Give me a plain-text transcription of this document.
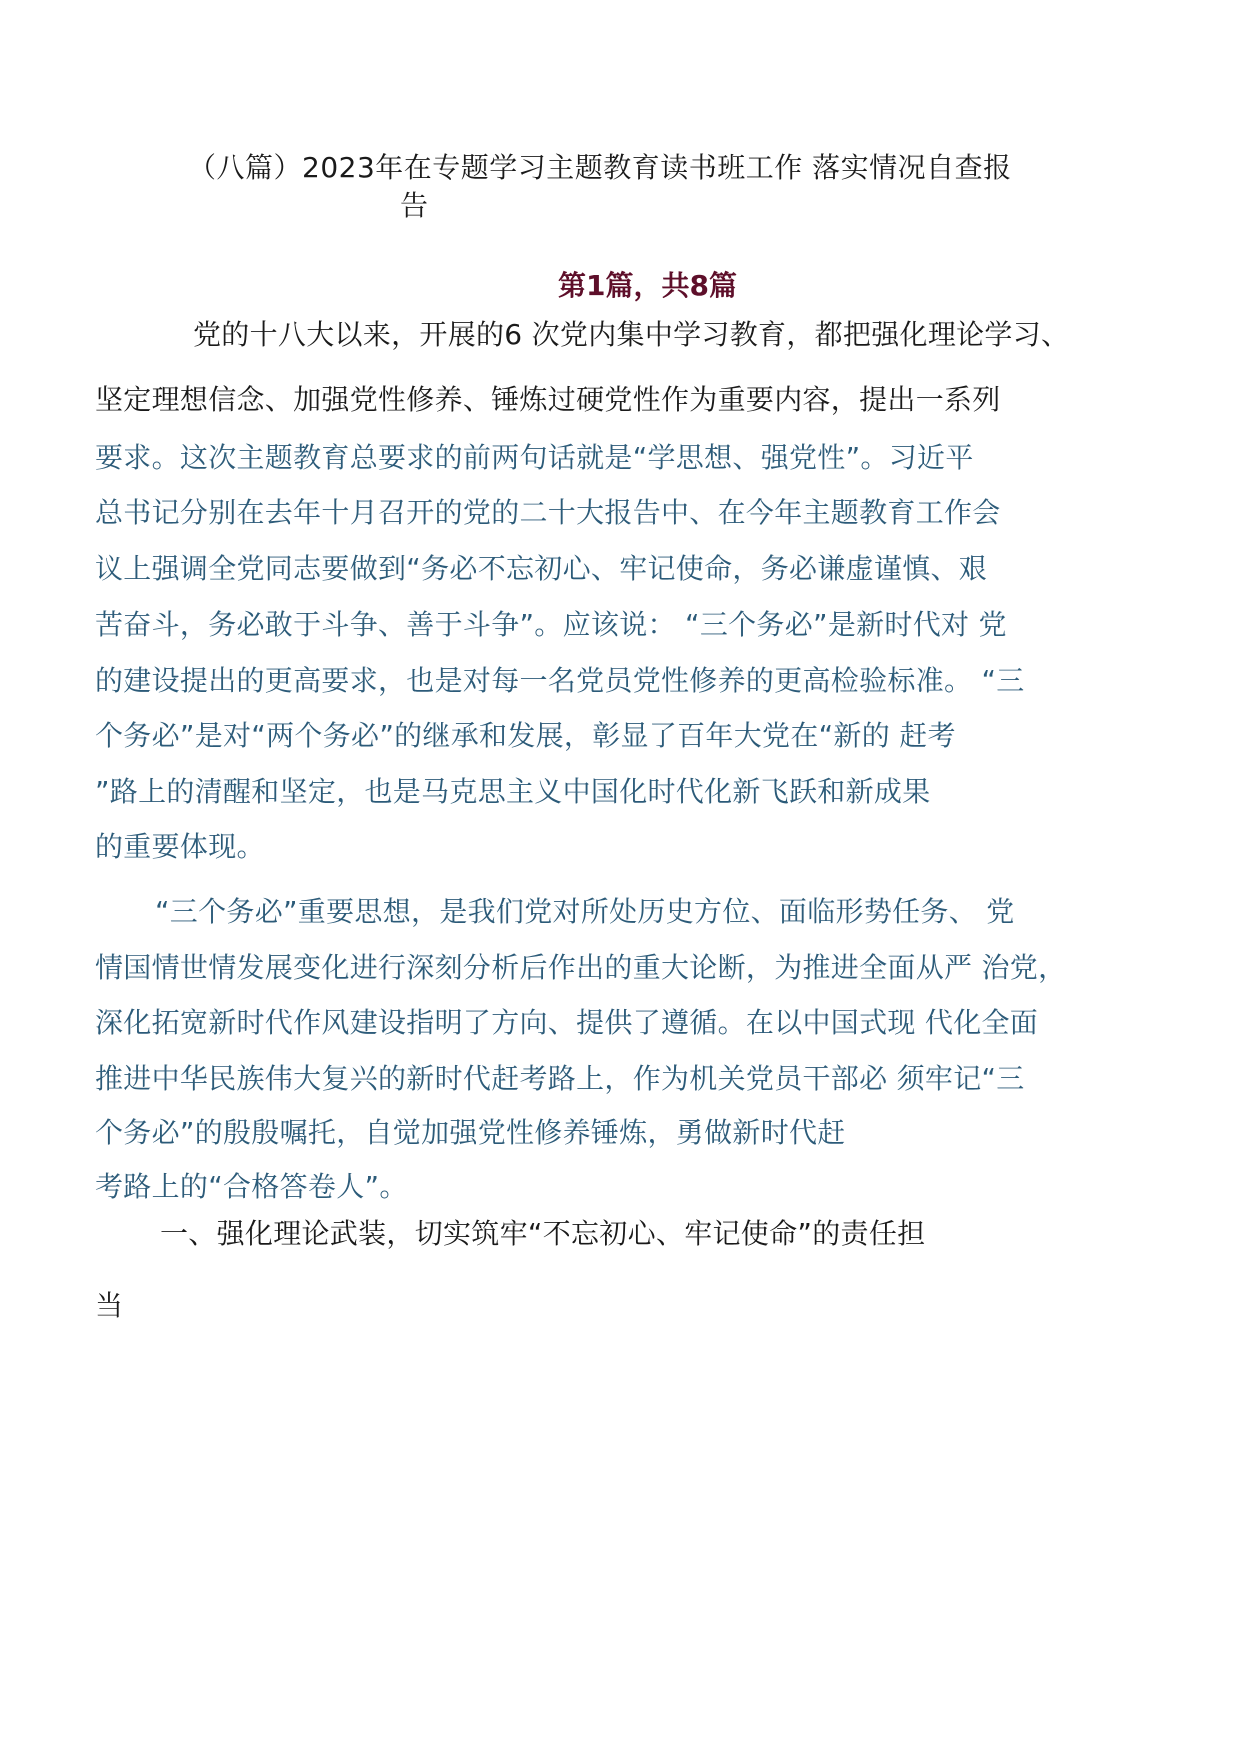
（八篇）2023年在专题学习主题教育读书班工作 落实情况自查报
告
第1篇，共8篇
党的十八大以来，开展的6 次党内集中学习教育，都把强化理论学习、
坚定理想信念、加强党性修养、锤炼过硬党性作为重要内容，提出一系列
要求。这次主题教育总要求的前两句话就是“学思想、强党性”。习近平
总书记分别在去年十月召开的党的二十大报告中、在今年主题教育工作会
议上强调全党同志要做到“务必不忘初心、牢记使命，务必谦虚谨慎、艰
苦奋斗，务必敢于斗争、善于斗争”。应该说： “三个务必”是新时代对 党
的建设提出的更高要求，也是对每一名党员党性修养的更高检验标准。 “三
个务必”是对“两个务必”的继承和发展，彰显了百年大党在“新的 赶考
”路上的清醒和坚定，也是马克思主义中国化时代化新飞跃和新成果
的重要体现。
“三个务必”重要思想，是我们党对所处历史方位、面临形势任务、 党
情国情世情发展变化进行深刻分析后作出的重大论断，为推进全面从严 治党，
深化拓宽新时代作风建设指明了方向、提供了遵循。在以中国式现 代化全面
推进中华民族伟大复兴的新时代赶考路上，作为机关党员干部必 须牢记“三
个务必”的殷殷嘱托，自觉加强党性修养锤炼，勇做新时代赶
考路上的“合格答卷人”。
一、强化理论武装，切实筑牢“不忘初心、牢记使命”的责任担
当
